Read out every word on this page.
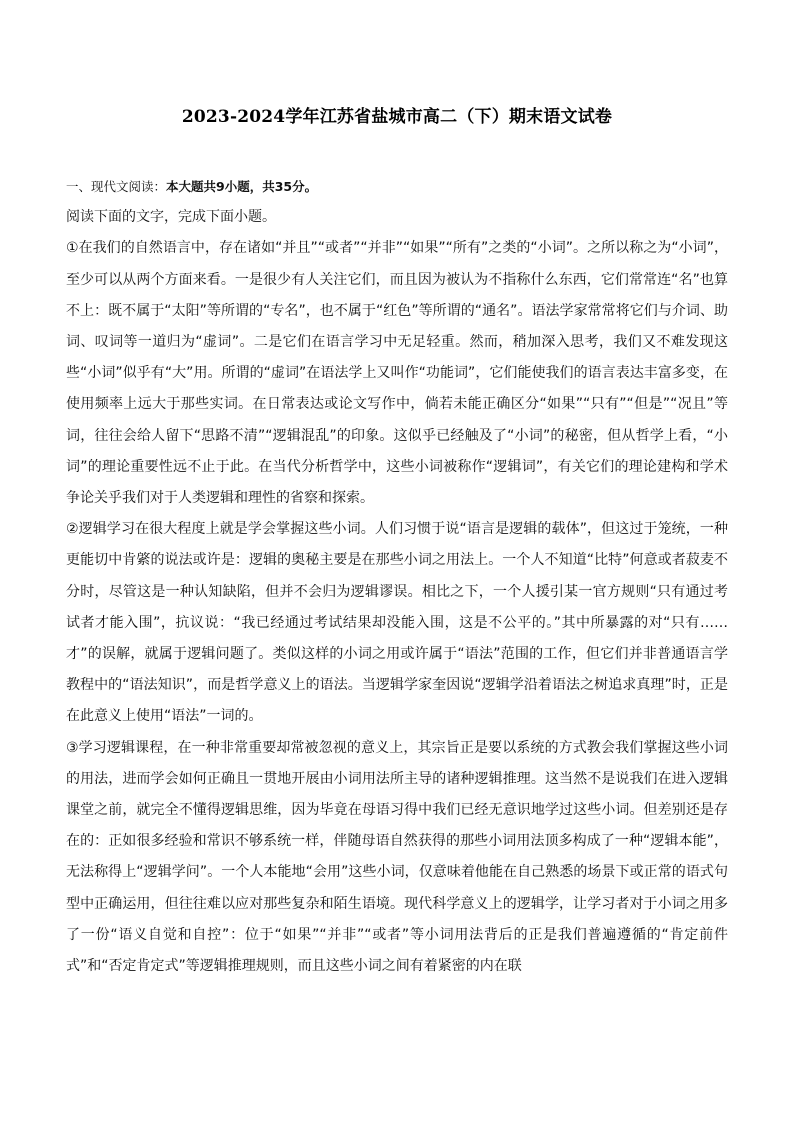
2023-2024学年江苏省盐城市高二（下）期末语文试卷
一、现代文阅读：本大题共9小题，共35分。

阅读下面的文字，完成下面小题。

①在我们的自然语言中，存在诸如“并且”“或者”“并非”“如果”“所有”之类的“小词”。之所以称之为“小词”，至少可以从两个方面来看。一是很少有人关注它们，而且因为被认为不指称什么东西，它们常常连“名”也算不上：既不属于“太阳”等所谓的“专名”，也不属于“红色”等所谓的“通名”。语法学家常常将它们与介词、助词、叹词等一道归为“虚词”。二是它们在语言学习中无足轻重。然而，稍加深入思考，我们又不难发现这些“小词”似乎有“大”用。所谓的“虚词”在语法学上又叫作“功能词”，它们能使我们的语言表达丰富多变，在使用频率上远大于那些实词。在日常表达或论文写作中，倘若未能正确区分“如果”“只有”“但是”“况且”等词，往往会给人留下“思路不清”“逻辑混乱”的印象。这似乎已经触及了“小词”的秘密，但从哲学上看，“小词”的理论重要性远不止于此。在当代分析哲学中，这些小词被称作“逻辑词”，有关它们的理论建构和学术争论关乎我们对于人类逻辑和理性的省察和探索。

②逻辑学习在很大程度上就是学会掌握这些小词。人们习惯于说“语言是逻辑的载体”，但这过于笼统，一种更能切中肯綮的说法或许是：逻辑的奥秘主要是在那些小词之用法上。一个人不知道“比特”何意或者菽麦不分时，尽管这是一种认知缺陷，但并不会归为逻辑谬误。相比之下，一个人援引某一官方规则“只有通过考试者才能入围”，抗议说：“我已经通过考试结果却没能入围，这是不公平的。”其中所暴露的对“只有……才”的误解，就属于逻辑问题了。类似这样的小词之用或许属于“语法”范围的工作，但它们并非普通语言学教程中的“语法知识”，而是哲学意义上的语法。当逻辑学家奎因说“逻辑学沿着语法之树追求真理”时，正是在此意义上使用“语法”一词的。

③学习逻辑课程，在一种非常重要却常被忽视的意义上，其宗旨正是要以系统的方式教会我们掌握这些小词的用法，进而学会如何正确且一贯地开展由小词用法所主导的诸种逻辑推理。这当然不是说我们在进入逻辑课堂之前，就完全不懂得逻辑思维，因为毕竟在母语习得中我们已经无意识地学过这些小词。但差别还是存在的：正如很多经验和常识不够系统一样，伴随母语自然获得的那些小词用法顶多构成了一种“逻辑本能”，无法称得上“逻辑学问”。一个人本能地“会用”这些小词，仅意味着他能在自己熟悉的场景下或正常的语式句型中正确运用，但往往难以应对那些复杂和陌生语境。现代科学意义上的逻辑学，让学习者对于小词之用多了一份“语义自觉和自控”：位于“如果”“并非”“或者”等小词用法背后的正是我们普遍遵循的“肯定前件式”和“否定肯定式”等逻辑推理规则，而且这些小词之间有着紧密的内在联
